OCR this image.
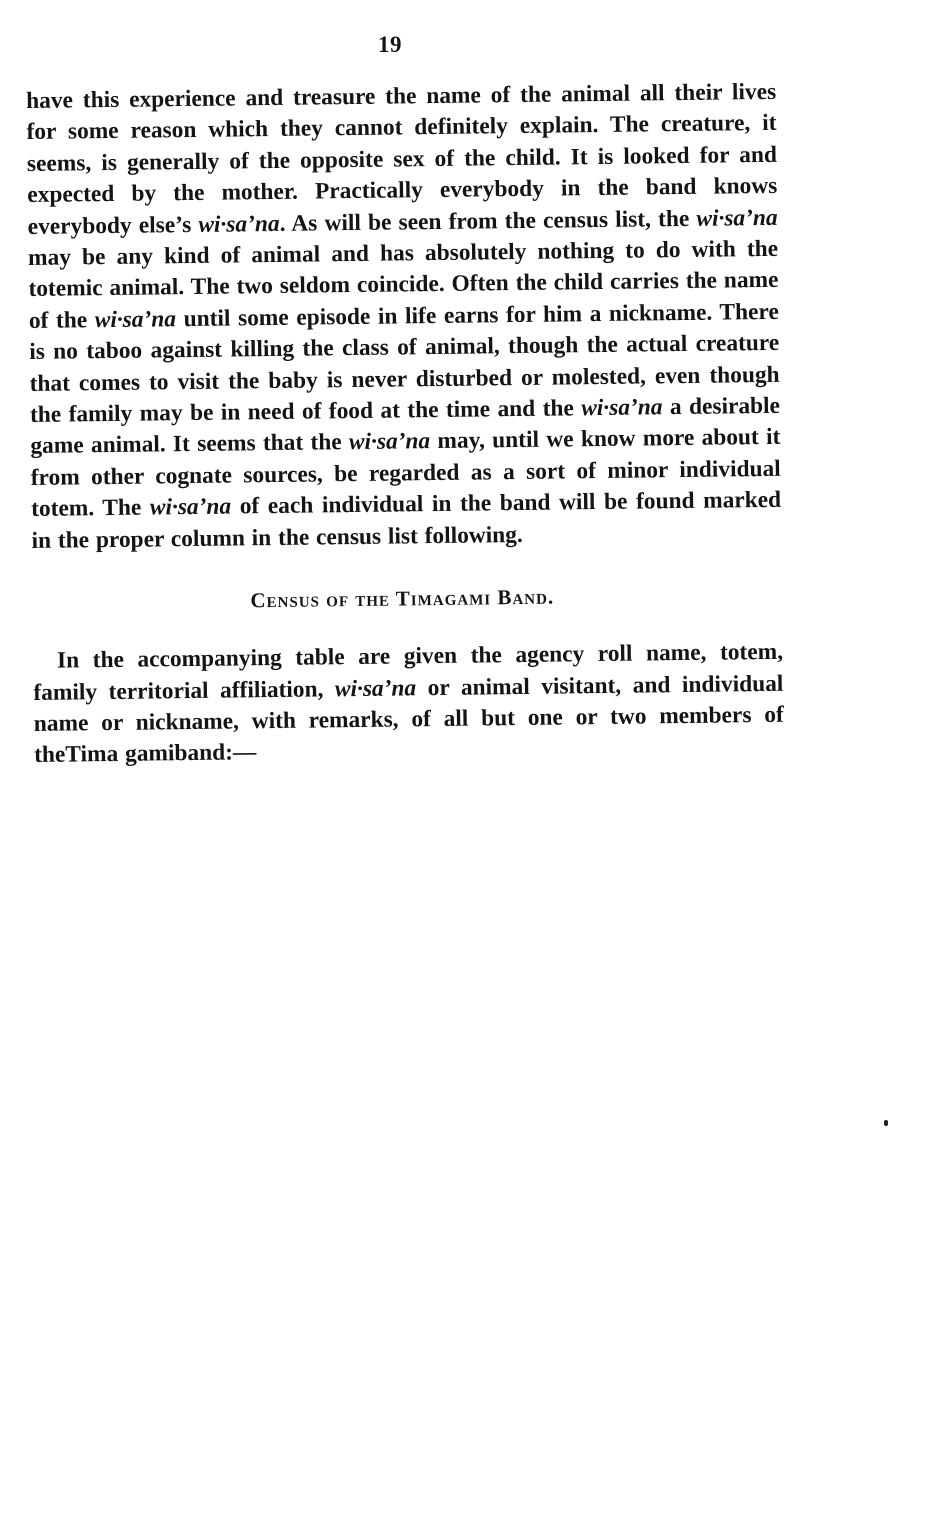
19

have this experience and treasure the name of the animal all their lives for some reason which they cannot definitely explain. The creature, it seems, is generally of the opposite sex of the child. It is looked for and expected by the mother. Practically everybody in the band knows everybody else’s wi·sa’na. As will be seen from the census list, the wi·sa’na may be any kind of animal and has absolutely nothing to do with the totemic animal. The two seldom coincide. Often the child carries the name of the wi·sa’na until some episode in life earns for him a nickname. There is no taboo against killing the class of animal, though the actual creature that comes to visit the baby is never disturbed or molested, even though the family may be in need of food at the time and the wi·sa’na a desirable game animal. It seems that the wi·sa’na may, until we know more about it from other cognate sources, be regarded as a sort of minor individual totem. The wi·sa’na of each individual in the band will be found marked in the proper column in the census list following.

Census of the Timagami Band.

In the accompanying table are given the agency roll name, totem, family territorial affiliation, wi·sa’na or animal visitant, and individual name or nickname, with remarks, of all but one or two members of theTima gamiband:—
